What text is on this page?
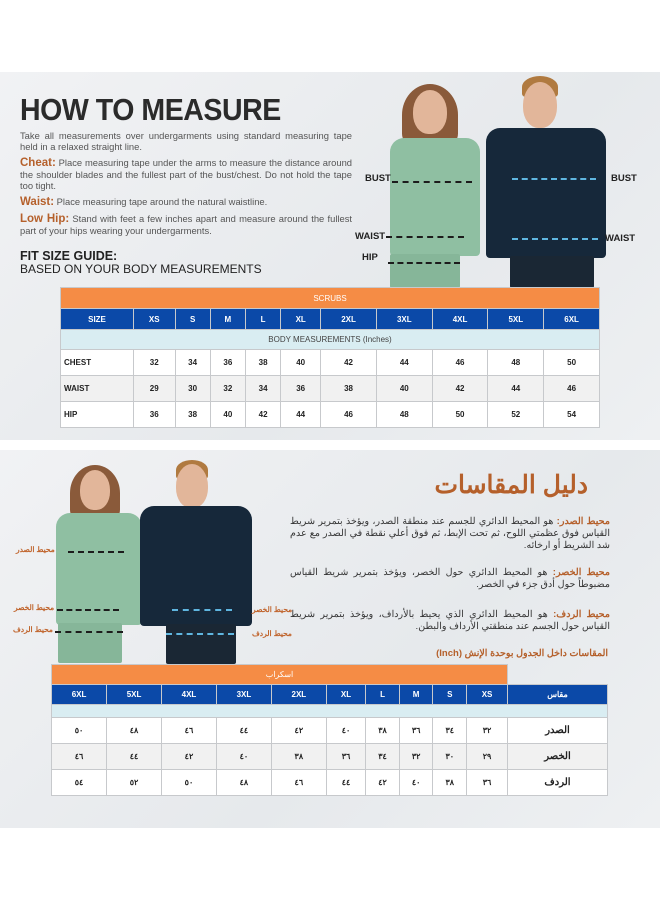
HOW TO MEASURE
Take all measurements over undergarments using standard measuring tape held in a relaxed straight line.
Cheat: Place measuring tape under the arms to measure the distance around the shoulder blades and the fullest part of the bust/chest. Do not hold the tape too tight.
Waist: Place measuring tape around the natural waistline.
Low Hip: Stand with feet a few inches apart and measure around the fullest part of your hips wearing your undergarments.
FIT SIZE GUIDE:
BASED ON YOUR BODY MEASUREMENTS
BUST
WAIST
HIP
BUST
WAIST
SCRUBS										
SIZE	XS	S	M	L	XL	2XL	3XL	4XL	5XL	6XL
BODY MEASUREMENTS (Inches)										
CHEST	32	34	36	38	40	42	44	46	48	50
WAIST	29	30	32	34	36	38	40	42	44	46
HIP	36	38	40	42	44	46	48	50	52	54
محيط الصدر
محيط الخصر
محيط الردف
محيط الخصر
محيط الردف
دليل المقاسات
محيط الصدر: هو المحيط الدائري للجسم عند منطقة الصدر، ويؤخذ بتمرير شريط القياس فوق عظمتي اللوح، ثم تحت الإبط، ثم فوق أعلي نقطة في الصدر مع عدم شد الشريط أو ارخائه.
محيط الخصر: هو المحيط الدائري حول الخصر، ويؤخذ بتمرير شريط القياس مضبوطاً حول أدق جزء في الخصر.
محيط الردف: هو المحيط الدائري الذي يحيط بالأرداف، ويؤخذ بتمرير شريط القياس حول الجسم عند منطقتي الأرداف والبطن.
المقاسات داخل الجدول بوحدة الإنش (Inch)
	اسكراب									
مقاس	XS	S	M	L	XL	2XL	3XL	4XL	5XL	6XL

الصدر	٣٢	٣٤	٣٦	٣٨	٤٠	٤٢	٤٤	٤٦	٤٨	٥٠
الخصر	٢٩	٣٠	٣٢	٣٤	٣٦	٣٨	٤٠	٤٢	٤٤	٤٦
الردف	٣٦	٣٨	٤٠	٤٢	٤٤	٤٦	٤٨	٥٠	٥٢	٥٤
